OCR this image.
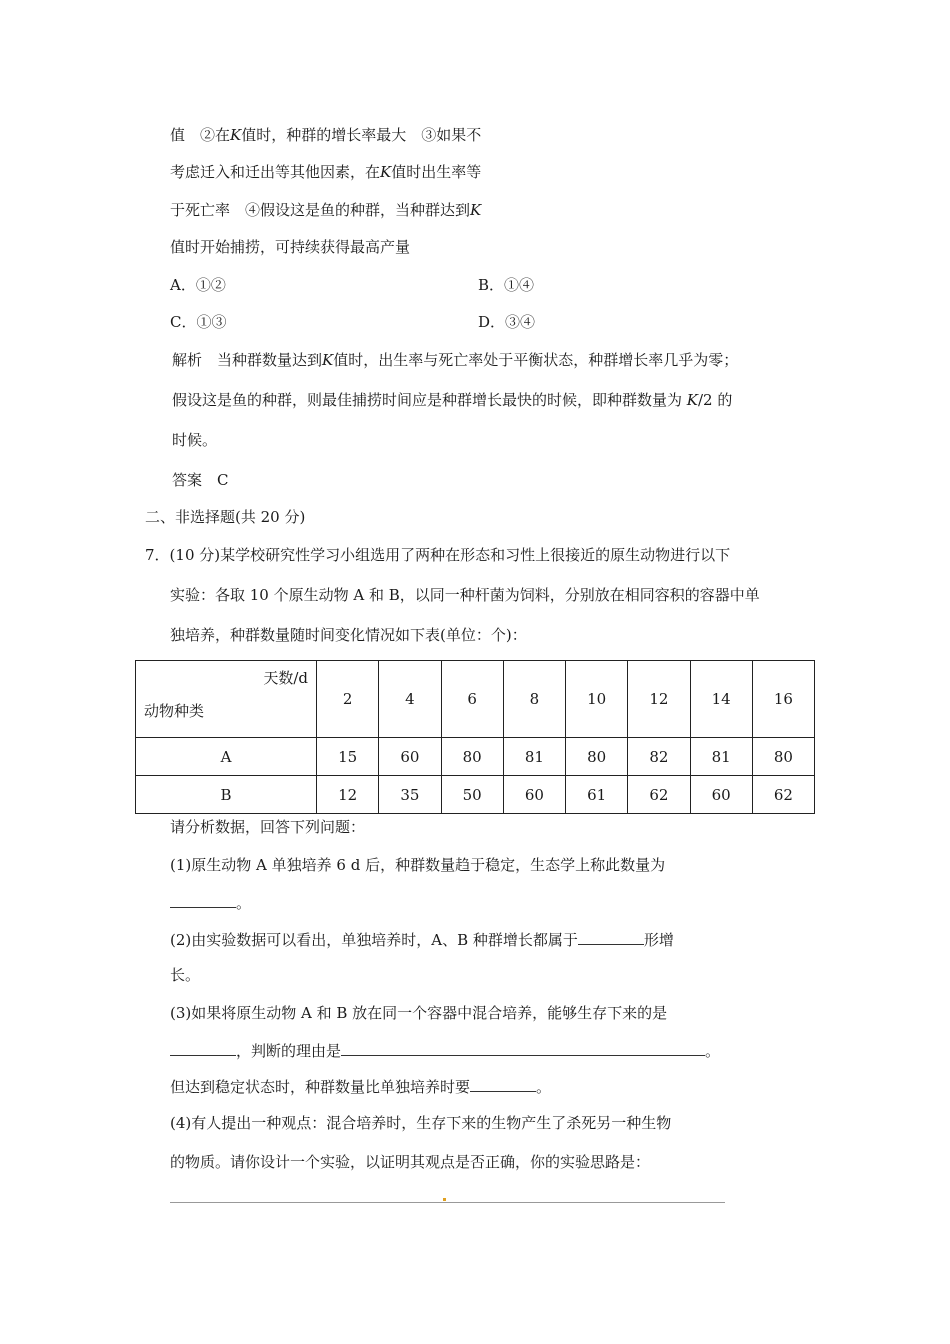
值　②在K值时，种群的增长率最大　③如果不
考虑迁入和迁出等其他因素，在K值时出生率等
于死亡率　④假设这是鱼的种群，当种群达到K
值时开始捕捞，可持续获得最高产量
A．①②	B．①④
C．①③	D．③④
解析　当种群数量达到K值时，出生率与死亡率处于平衡状态，种群增长率几乎为零；
假设这是鱼的种群，则最佳捕捞时间应是种群增长最快的时候，即种群数量为 K/2 的
时候。
答案　C
二、非选择题(共 20 分)
7．(10 分)某学校研究性学习小组选用了两种在形态和习性上很接近的原生动物进行以下
实验：各取 10 个原生动物 A 和 B，以同一种杆菌为饲料，分别放在相同容积的容器中单
独培养，种群数量随时间变化情况如下表(单位：个)：
天数/d
动物种类	2	4	6	8	10	12	14	16
A	15	60	80	81	80	82	81	80
B	12	35	50	60	61	62	60	62
请分析数据，回答下列问题：
(1)原生动物 A 单独培养 6 d 后，种群数量趋于稳定，生态学上称此数量为
。
(2)由实验数据可以看出，单独培养时，A、B 种群增长都属于	形增
长。
(3)如果将原生动物 A 和 B 放在同一个容器中混合培养，能够生存下来的是
，判断的理由是	。
但达到稳定状态时，种群数量比单独培养时要	。
(4)有人提出一种观点：混合培养时，生存下来的生物产生了杀死另一种生物
的物质。请你设计一个实验，以证明其观点是否正确，你的实验思路是：
